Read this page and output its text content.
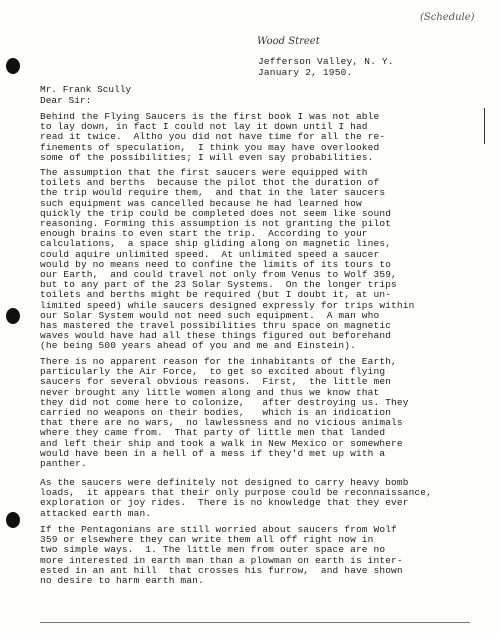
(Schedule)
Wood Street
Jefferson Valley, N. Y.
January 2, 1950.
Mr. Frank Scully
Dear Sir:
Behind the Flying Saucers is the first book I was not able
to lay down, in fact I could not lay it down until I had
read it twice.  Altho you did not have time for all the re-
finements of speculation,  I think you may have overlooked
some of the possibilities; I will even say probabilities.
The assumption that the first saucers were equipped with
toilets and berths  because the pilot thot the duration of
the trip would require them,  and that in the later saucers
such equipment was cancelled because he had learned how
quickly the trip could be completed does not seem like sound
reasoning. Forming this assumption is not granting the pilot
enough brains to even start the trip.  According to your
calculations,  a space ship gliding along on magnetic lines,
could aquire unlimited speed.  At unlimited speed a saucer
would by no means need to confine the limits of its tours to
our Earth,  and could travel not only from Venus to Wolf 359,
but to any part of the 23 Solar Systems.  On the longer trips
toilets and berths might be required (but I doubt it, at un-
limited speed) while saucers designed expressly for trips within
our Solar System would not need such equipment.  A man who
has mastered the travel possibilities thru space on magnetic
waves would have had all these things figured out beforehand
(he being 500 years ahead of you and me and Einstein).
There is no apparent reason for the inhabitants of the Earth,
particularly the Air Force,  to get so excited about flying
saucers for several obvious reasons.  First,  the little men
never brought any little women along and thus we know that
they did not come here to colonize,   after destroying us. They
carried no weapons on their bodies,   which is an indication
that there are no wars,  no lawlessness and no vicious animals
where they came from.  That party of little men that landed
and left their ship and took a walk in New Mexico or somewhere
would have been in a hell of a mess if they'd met up with a
panther.
As the saucers were definitely not designed to carry heavy bomb
loads,  it appears that their only purpose could be reconnaissance,
exploration or joy rides.  There is no knowledge that they ever
attacked earth man.
If the Pentagonians are still worried about saucers from Wolf
359 or elsewhere they can write them all off right now in
two simple ways.  1. The little men from outer space are no
more interested in earth man than a plowman on earth is inter-
ested in an ant hill  that crosses his furrow,  and have shown
no desire to harm earth man.
